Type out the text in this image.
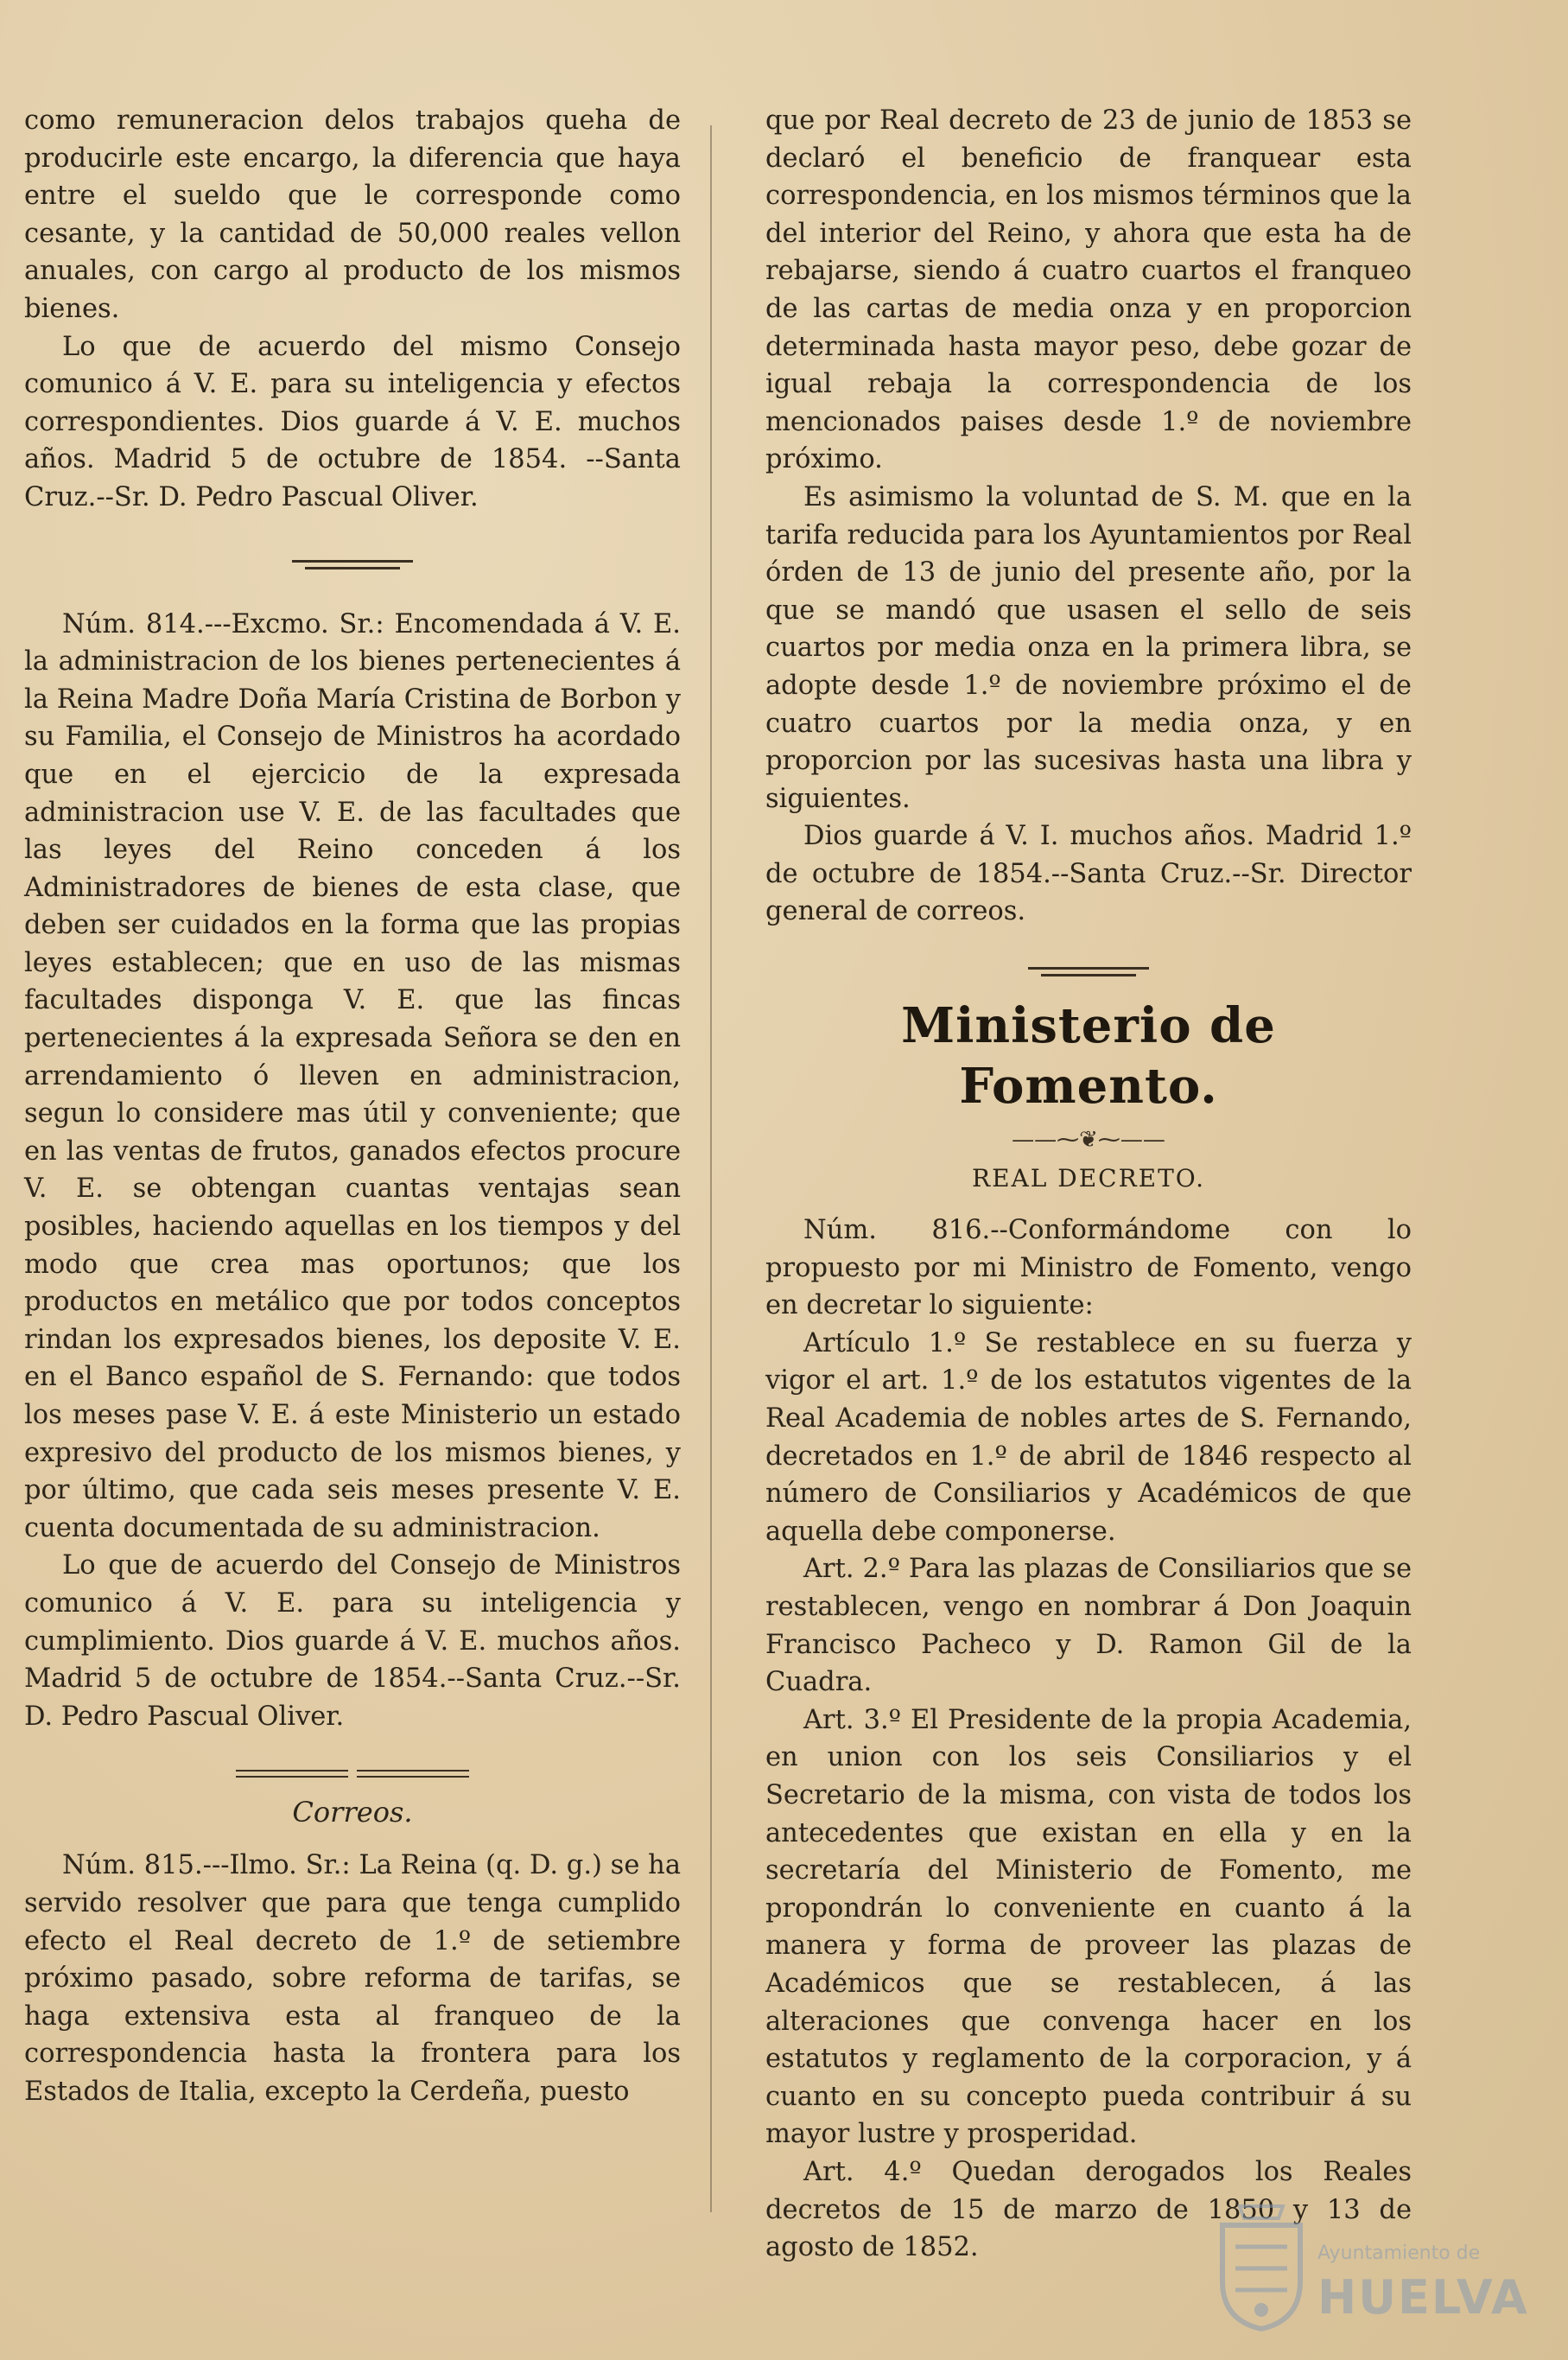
como remuneracion delos trabajos queha de producirle este encargo, la diferencia que haya entre el sueldo que le corresponde como cesante, y la cantidad de 50,000 reales vellon anuales, con cargo al producto de los mismos bienes.

Lo que de acuerdo del mismo Consejo comunico á V. E. para su inteligencia y efectos correspondientes. Dios guarde á V. E. muchos años. Madrid 5 de octubre de 1854. --Santa Cruz.--Sr. D. Pedro Pascual Oliver.

Núm. 814.---Excmo. Sr.: Encomendada á V. E. la administracion de los bienes pertenecientes á la Reina Madre Doña María Cristina de Borbon y su Familia, el Consejo de Ministros ha acordado que en el ejercicio de la expresada administracion use V. E. de las facultades que las leyes del Reino conceden á los Administradores de bienes de esta clase, que deben ser cuidados en la forma que las propias leyes establecen; que en uso de las mismas facultades disponga V. E. que las fincas pertenecientes á la expresada Señora se den en arrendamiento ó lleven en administracion, segun lo considere mas útil y conveniente; que en las ventas de frutos, ganados efectos procure V. E. se obtengan cuantas ventajas sean posibles, haciendo aquellas en los tiempos y del modo que crea mas oportunos; que los productos en metálico que por todos conceptos rindan los expresados bienes, los deposite V. E. en el Banco español de S. Fernando: que todos los meses pase V. E. á este Ministerio un estado expresivo del producto de los mismos bienes, y por último, que cada seis meses presente V. E. cuenta documentada de su administracion.

Lo que de acuerdo del Consejo de Ministros comunico á V. E. para su inteligencia y cumplimiento. Dios guarde á V. E. muchos años. Madrid 5 de octubre de 1854.--Santa Cruz.--Sr. D. Pedro Pascual Oliver.

Correos.

Núm. 815.---Ilmo. Sr.: La Reina (q. D. g.) se ha servido resolver que para que tenga cumplido efecto el Real decreto de 1.º de setiembre próximo pasado, sobre reforma de tarifas, se haga extensiva esta al franqueo de la correspondencia hasta la frontera para los Estados de Italia, excepto la Cerdeña, puesto

que por Real decreto de 23 de junio de 1853 se declaró el beneficio de franquear esta correspondencia, en los mismos términos que la del interior del Reino, y ahora que esta ha de rebajarse, siendo á cuatro cuartos el franqueo de las cartas de media onza y en proporcion determinada hasta mayor peso, debe gozar de igual rebaja la correspondencia de los mencionados paises desde 1.º de noviembre próximo.

Es asimismo la voluntad de S. M. que en la tarifa reducida para los Ayuntamientos por Real órden de 13 de junio del presente año, por la que se mandó que usasen el sello de seis cuartos por media onza en la primera libra, se adopte desde 1.º de noviembre próximo el de cuatro cuartos por la media onza, y en proporcion por las sucesivas hasta una libra y siguientes.

Dios guarde á V. I. muchos años. Madrid 1.º de octubre de 1854.--Santa Cruz.--Sr. Director general de correos.

Ministerio de Fomento.
——⁓❦⁓——
REAL DECRETO.

Núm. 816.--Conformándome con lo propuesto por mi Ministro de Fomento, vengo en decretar lo siguiente:

Artículo 1.º Se restablece en su fuerza y vigor el art. 1.º de los estatutos vigentes de la Real Academia de nobles artes de S. Fernando, decretados en 1.º de abril de 1846 respecto al número de Consiliarios y Académicos de que aquella debe componerse.

Art. 2.º Para las plazas de Consiliarios que se restablecen, vengo en nombrar á Don Joaquin Francisco Pacheco y D. Ramon Gil de la Cuadra.

Art. 3.º El Presidente de la propia Academia, en union con los seis Consiliarios y el Secretario de la misma, con vista de todos los antecedentes que existan en ella y en la secretaría del Ministerio de Fomento, me propondrán lo conveniente en cuanto á la manera y forma de proveer las plazas de Académicos que se restablecen, á las alteraciones que convenga hacer en los estatutos y reglamento de la corporacion, y á cuanto en su concepto pueda contribuir á su mayor lustre y prosperidad.

Art. 4.º Quedan derogados los Reales decretos de 15 de marzo de 1850 y 13 de agosto de 1852.	Ayuntamiento de
HUELVA
